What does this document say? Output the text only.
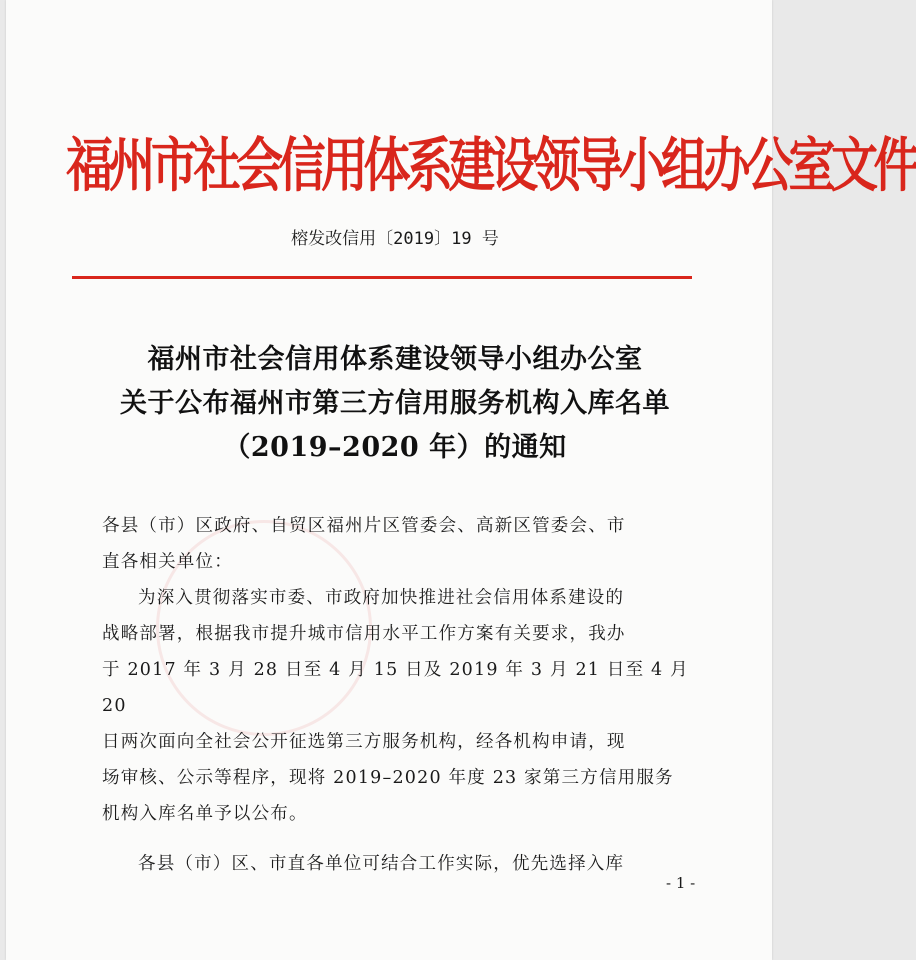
福州市社会信用体系建设领导小组办公室文件
榕发改信用〔2019〕19 号
福州市社会信用体系建设领导小组办公室
关于公布福州市第三方信用服务机构入库名单
（2019–2020 年）的通知

各县（市）区政府、自贸区福州片区管委会、高新区管委会、市

直各相关单位：

为深入贯彻落实市委、市政府加快推进社会信用体系建设的

战略部署，根据我市提升城市信用水平工作方案有关要求，我办

于 2017 年 3 月 28 日至 4 月 15 日及 2019 年 3 月 21 日至 4 月 20

日两次面向全社会公开征选第三方服务机构，经各机构申请，现

场审核、公示等程序，现将 2019–2020 年度 23 家第三方信用服务

机构入库名单予以公布。

各县（市）区、市直各单位可结合工作实际，优先选择入库

- 1 -
